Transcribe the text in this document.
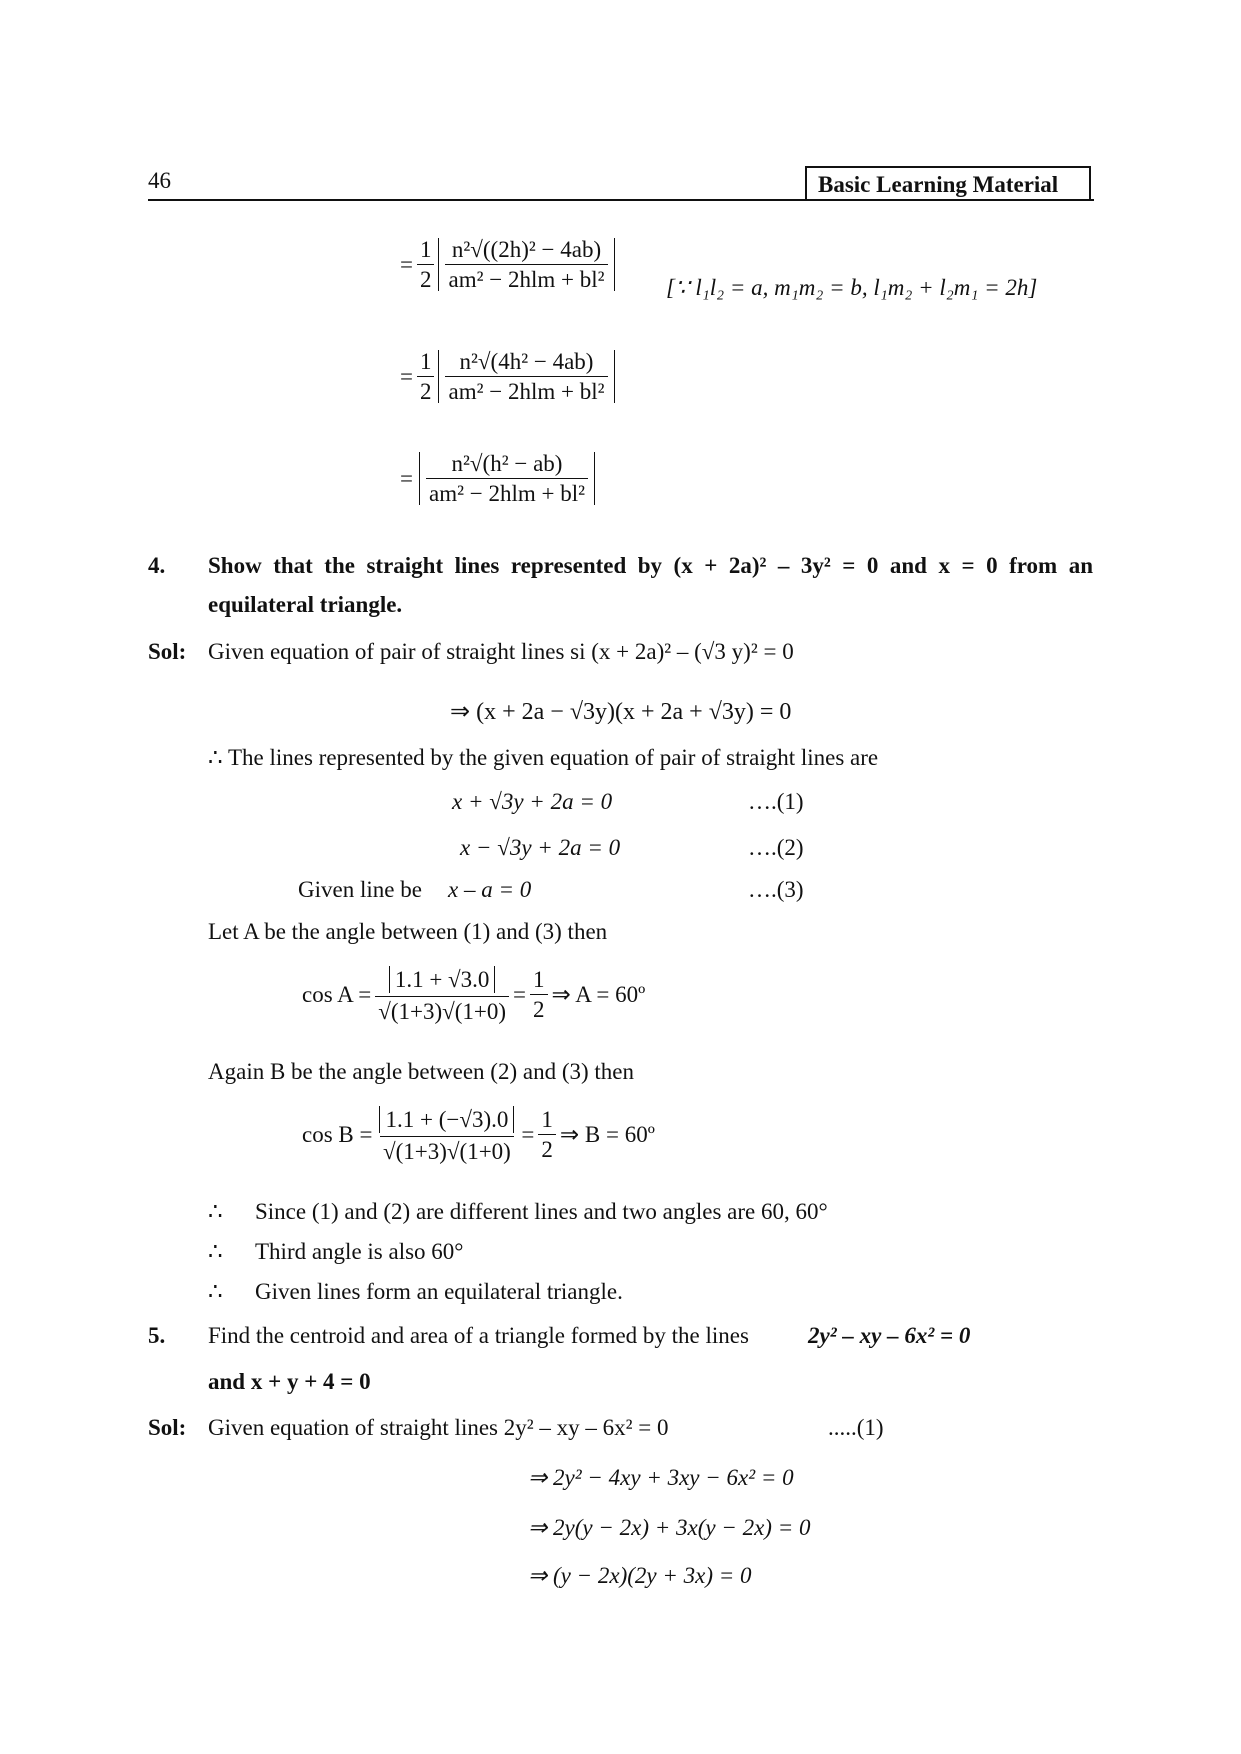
46	Basic Learning Material
= $\frac{1}{2} \frac{\text{n²√((2h)² − 4ab)}}{\text{am² − 2hlm + bl²}}$	[∵ l₁l₂ = a, m₁m₂ = b, l₁m₂ + l₂m₁ = 2h]
= $\frac{1}{2} \frac{\text{n²√(4h² − 4ab)}}{\text{am² − 2hlm + bl²}}$
= $\frac{\text{n²√(h² − ab)}}{\text{am² − 2hlm + bl²}}$
4. Show that the straight lines represented by (x + 2a)² – 3y² = 0 and x = 0 from an
equilateral triangle.
Sol: Given equation of pair of straight lines si (x + 2a)² – (√3 y)² = 0
⇒ (x + 2a − √3y)(x + 2a + √3y) = 0
∴ The lines represented by the given equation of pair of straight lines are
x + √3y + 2a = 0	….(1)
x − √3y + 2a = 0	….(2)
Given line be x – a = 0	….(3)
Let A be the angle between (1) and (3) then
$\cos A = \frac{1.1 + √3.0}{√(1+3)√(1+0)} = \frac{1}{2}$ ⇒ A = 60º
Again B be the angle between (2) and (3) then
$\cos B = \frac{1.1 + (-√3).0}{√(1+3)√(1+0)} = \frac{1}{2}$ ⇒ B = 60º
∴ Since (1) and (2) are different lines and two angles are 60, 60°
∴ Third angle is also 60°
∴ Given lines form an equilateral triangle.
5. Find the centroid and area of a triangle formed by the lines	2y² – xy – 6x² = 0
and x + y + 4 = 0
Sol: Given equation of straight lines 2y² – xy – 6x² = 0	.....(1)
⇒ 2y² − 4xy + 3xy − 6x² = 0
⇒ 2y(y − 2x) + 3x(y − 2x) = 0
⇒ (y − 2x)(2y + 3x) = 0
